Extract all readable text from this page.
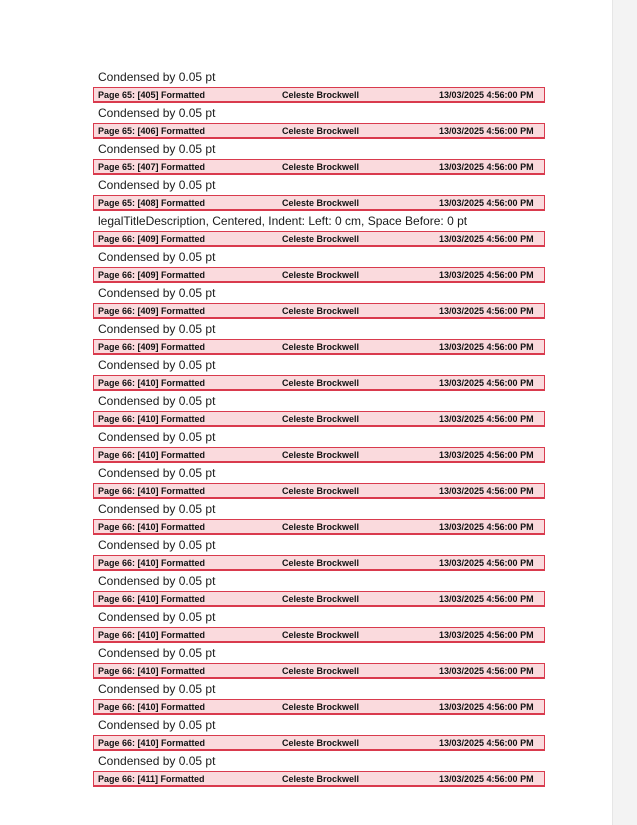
Condensed by 0.05 pt
Page 65: [405] Formatted	Celeste Brockwell	13/03/2025 4:56:00 PM
Condensed by 0.05 pt
Page 65: [406] Formatted	Celeste Brockwell	13/03/2025 4:56:00 PM
Condensed by 0.05 pt
Page 65: [407] Formatted	Celeste Brockwell	13/03/2025 4:56:00 PM
Condensed by 0.05 pt
Page 65: [408] Formatted	Celeste Brockwell	13/03/2025 4:56:00 PM
legalTitleDescription, Centered, Indent: Left: 0 cm, Space Before: 0 pt
Page 66: [409] Formatted	Celeste Brockwell	13/03/2025 4:56:00 PM
Condensed by 0.05 pt
Page 66: [409] Formatted	Celeste Brockwell	13/03/2025 4:56:00 PM
Condensed by 0.05 pt
Page 66: [409] Formatted	Celeste Brockwell	13/03/2025 4:56:00 PM
Condensed by 0.05 pt
Page 66: [409] Formatted	Celeste Brockwell	13/03/2025 4:56:00 PM
Condensed by 0.05 pt
Page 66: [410] Formatted	Celeste Brockwell	13/03/2025 4:56:00 PM
Condensed by 0.05 pt
Page 66: [410] Formatted	Celeste Brockwell	13/03/2025 4:56:00 PM
Condensed by 0.05 pt
Page 66: [410] Formatted	Celeste Brockwell	13/03/2025 4:56:00 PM
Condensed by 0.05 pt
Page 66: [410] Formatted	Celeste Brockwell	13/03/2025 4:56:00 PM
Condensed by 0.05 pt
Page 66: [410] Formatted	Celeste Brockwell	13/03/2025 4:56:00 PM
Condensed by 0.05 pt
Page 66: [410] Formatted	Celeste Brockwell	13/03/2025 4:56:00 PM
Condensed by 0.05 pt
Page 66: [410] Formatted	Celeste Brockwell	13/03/2025 4:56:00 PM
Condensed by 0.05 pt
Page 66: [410] Formatted	Celeste Brockwell	13/03/2025 4:56:00 PM
Condensed by 0.05 pt
Page 66: [410] Formatted	Celeste Brockwell	13/03/2025 4:56:00 PM
Condensed by 0.05 pt
Page 66: [410] Formatted	Celeste Brockwell	13/03/2025 4:56:00 PM
Condensed by 0.05 pt
Page 66: [410] Formatted	Celeste Brockwell	13/03/2025 4:56:00 PM
Condensed by 0.05 pt
Page 66: [411] Formatted	Celeste Brockwell	13/03/2025 4:56:00 PM
